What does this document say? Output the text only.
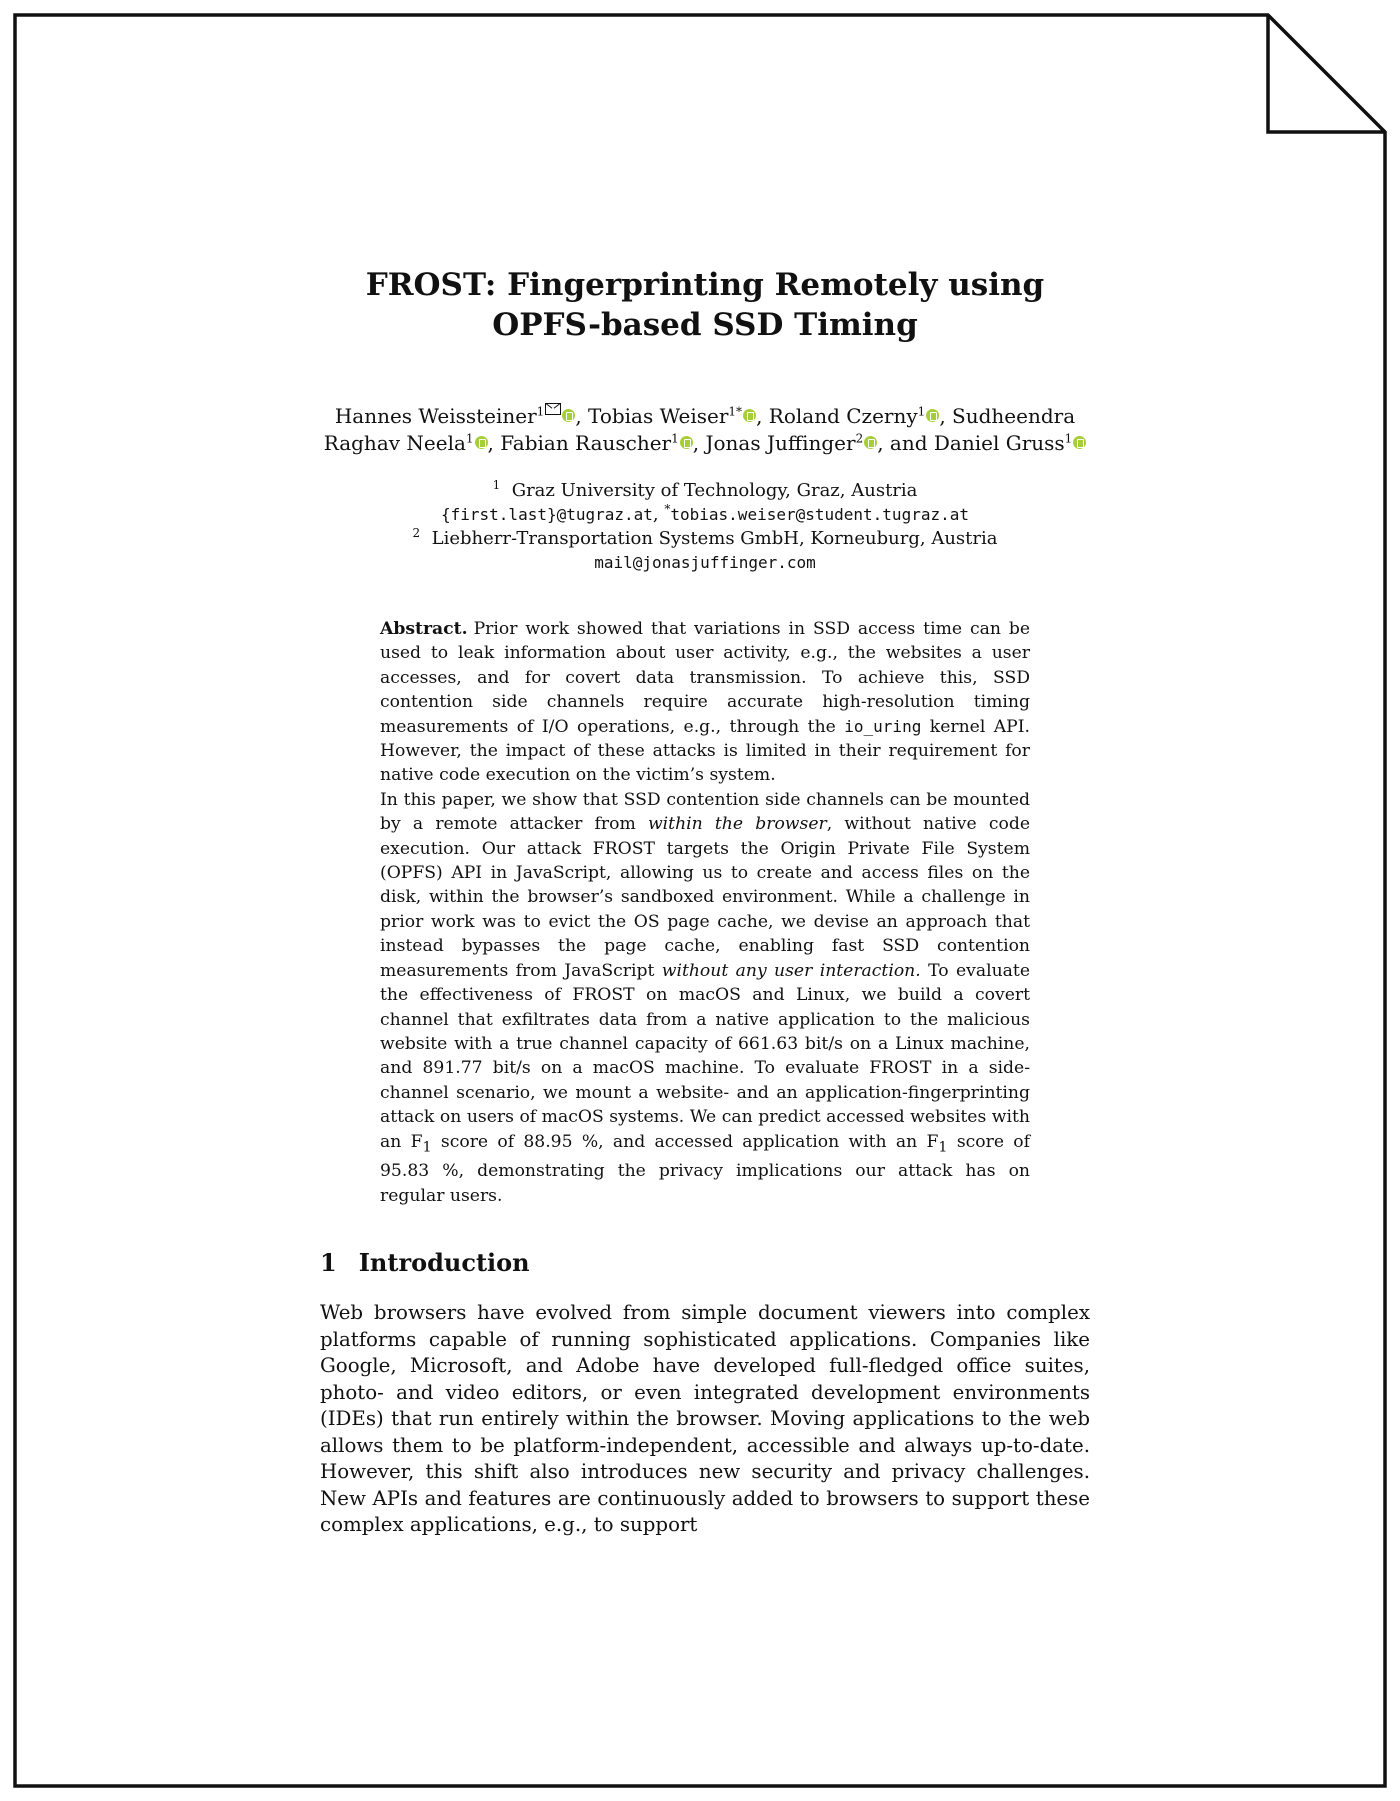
FROST: Fingerprinting Remotely using
OPFS-based SSD Timing
Hannes Weissteiner$^1$ , Tobias Weiser$^{1*}$ , Roland Czerny$^1$ , Sudheendra Raghav Neela$^1$ , Fabian Rauscher$^1$ , Jonas Juffinger$^2$ , and Daniel Gruss$^1$
$^1$ Graz University of Technology, Graz, Austria
{first.last}@tugraz.at, *tobias.weiser@student.tugraz.at
$^2$ Liebherr-Transportation Systems GmbH, Korneuburg, Austria
mail@jonasjuffinger.com

Abstract. Prior work showed that variations in SSD access time can be used to leak information about user activity, e.g., the websites a user accesses, and for covert data transmission. To achieve this, SSD contention side channels require accurate high-resolution timing measurements of I/O operations, e.g., through the io_uring kernel API. However, the impact of these attacks is limited in their requirement for native code execution on the victim’s system.

In this paper, we show that SSD contention side channels can be mounted by a remote attacker from within the browser, without native code execution. Our attack FROST targets the Origin Private File System (OPFS) API in JavaScript, allowing us to create and access files on the disk, within the browser’s sandboxed environment. While a challenge in prior work was to evict the OS page cache, we devise an approach that instead bypasses the page cache, enabling fast SSD contention measurements from JavaScript without any user interaction. To evaluate the effectiveness of FROST on macOS and Linux, we build a covert channel that exfiltrates data from a native application to the malicious website with a true channel capacity of 661.63 bit/s on a Linux machine, and 891.77 bit/s on a macOS machine. To evaluate FROST in a side-channel scenario, we mount a website- and an application-fingerprinting attack on users of macOS systems. We can predict accessed websites with an $F_1$ score of 88.95 %, and accessed application with an $F_1$ score of 95.83 %, demonstrating the privacy implications our attack has on regular users.

1 Introduction

Web browsers have evolved from simple document viewers into complex platforms capable of running sophisticated applications. Companies like Google, Microsoft, and Adobe have developed full-fledged office suites, photo- and video editors, or even integrated development environments (IDEs) that run entirely within the browser. Moving applications to the web allows them to be platform-independent, accessible and always up-to-date. However, this shift also introduces new security and privacy challenges. New APIs and features are continuously added to browsers to support these complex applications, e.g., to support
